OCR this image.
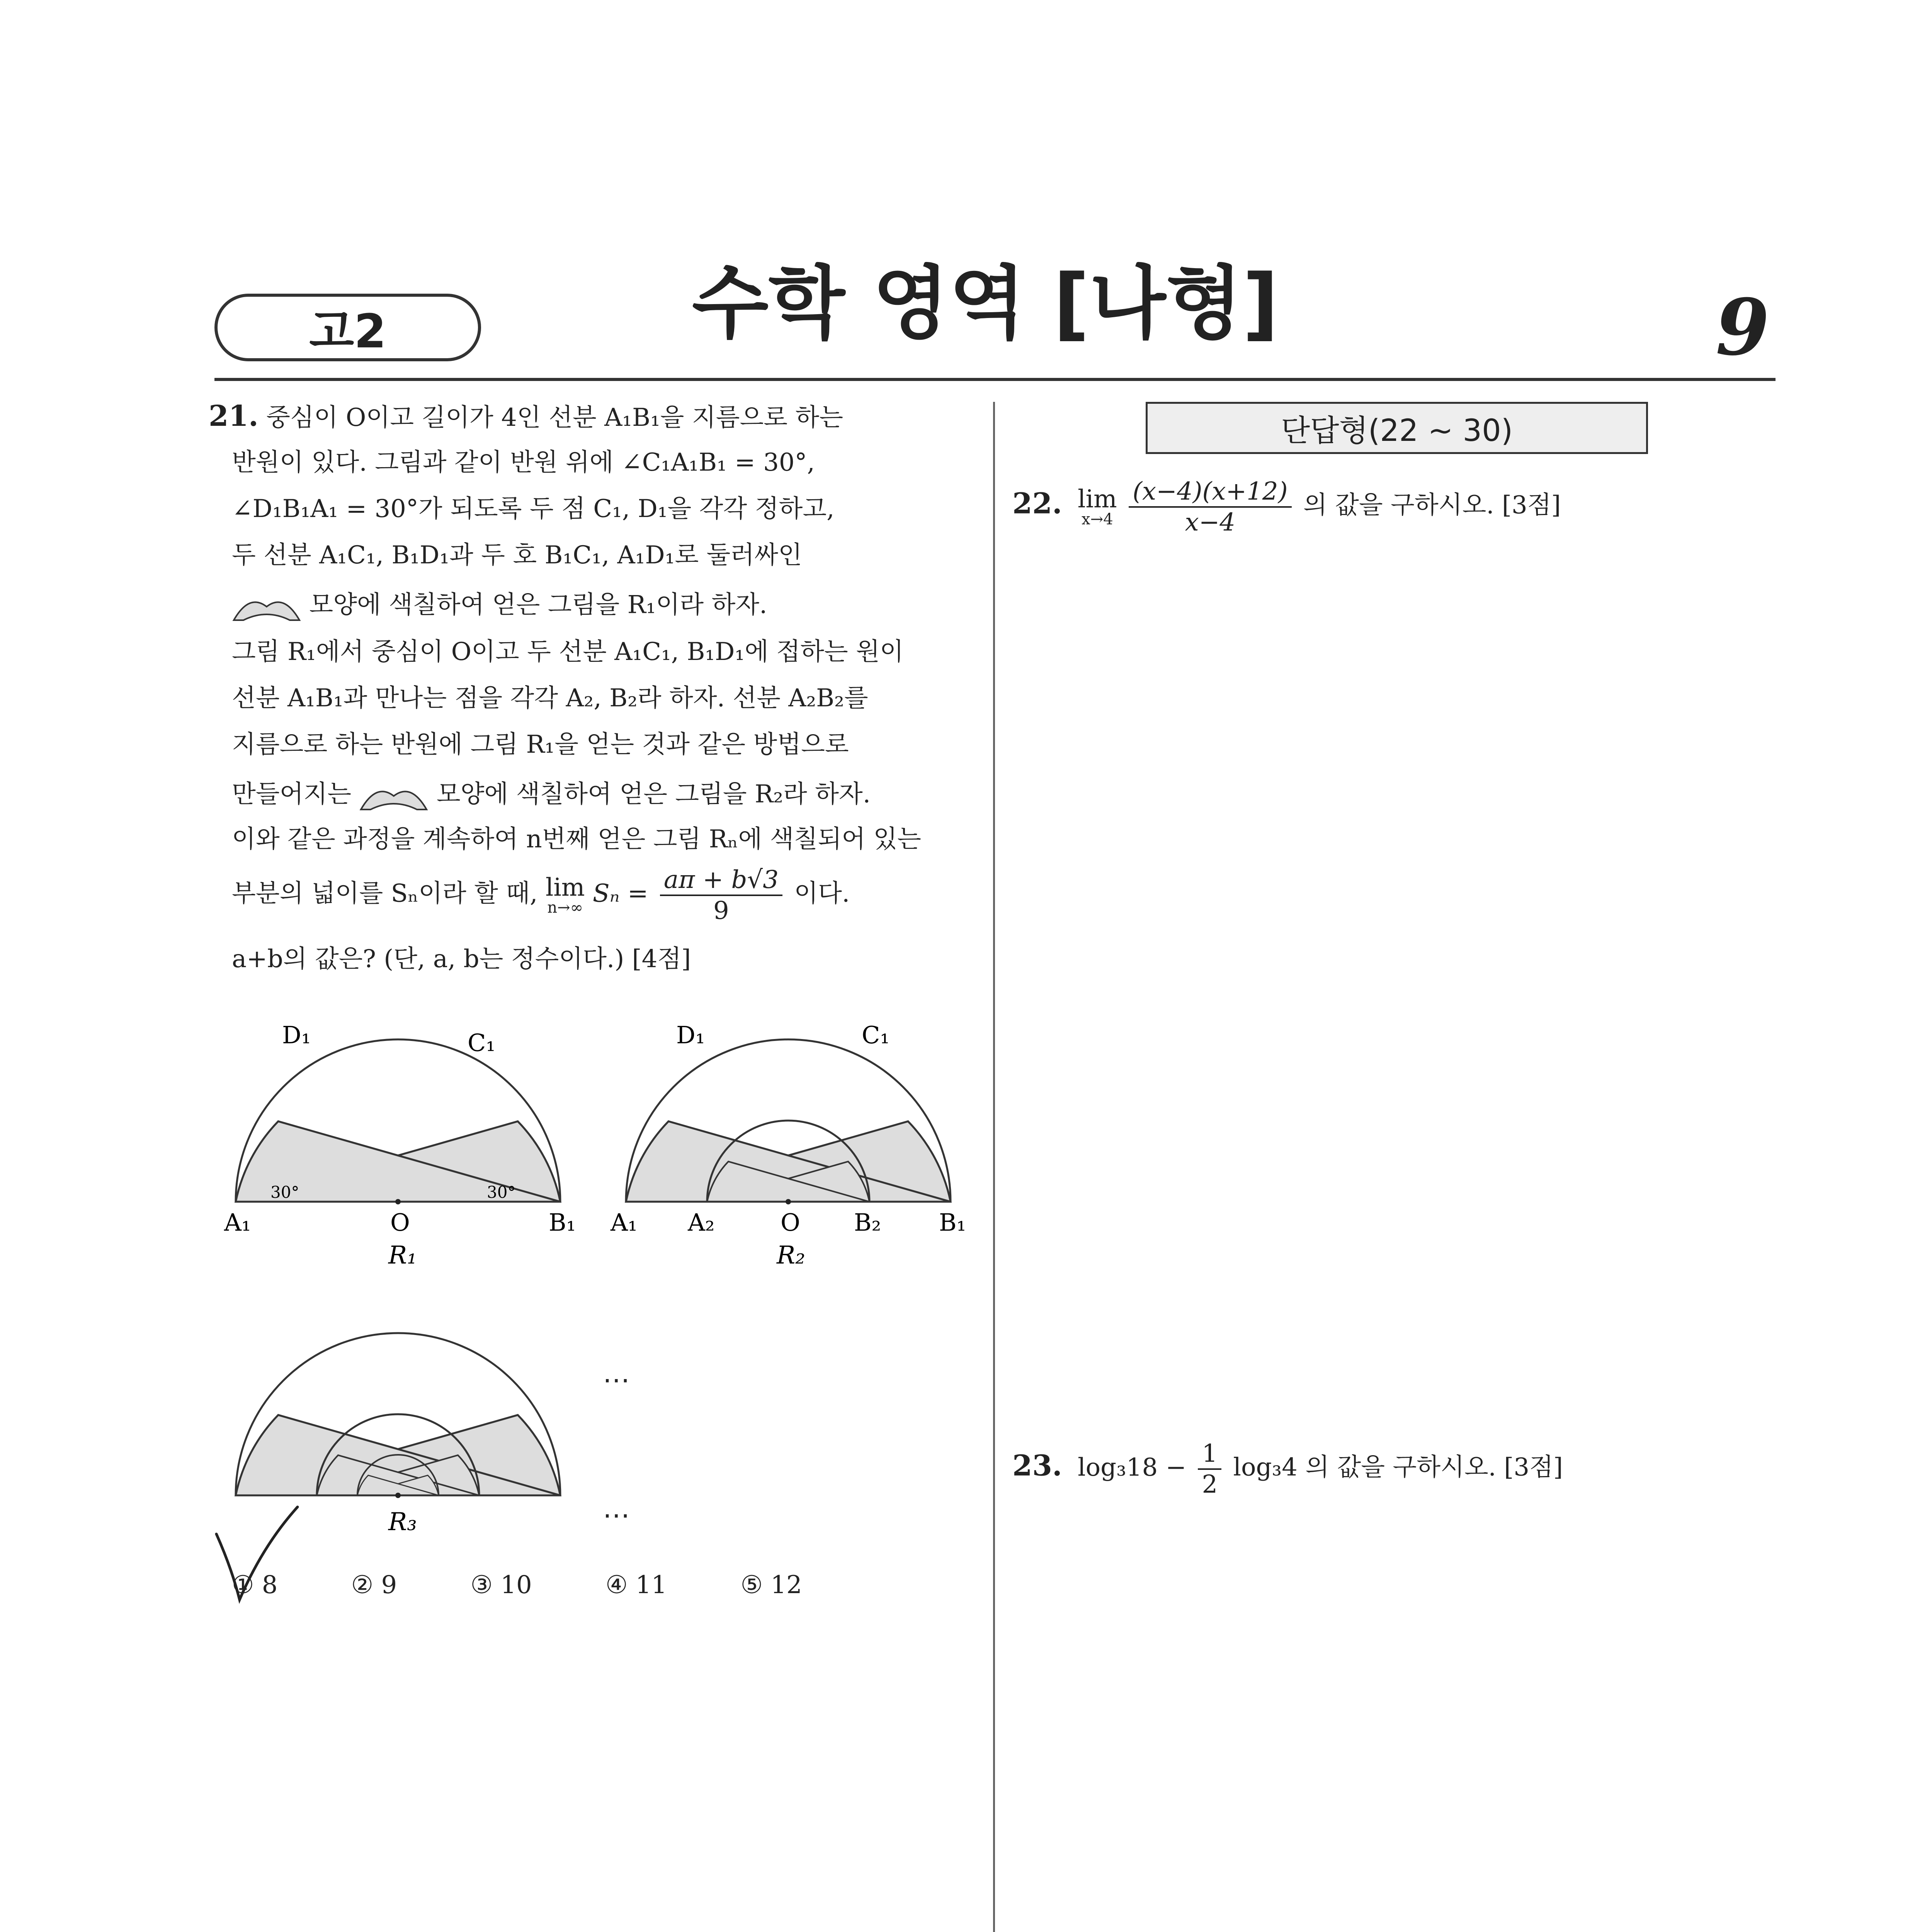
고2	수학 영역 [나형]	9
21. 중심이 O이고 길이가 4인 선분 A₁B₁을 지름으로 하는
반원이 있다. 그림과 같이 반원 위에 ∠C₁A₁B₁ = 30°,
∠D₁B₁A₁ = 30°가 되도록 두 점 C₁, D₁을 각각 정하고,
두 선분 A₁C₁, B₁D₁과 두 호 B₁C₁, A₁D₁로 둘러싸인
모양에 색칠하여 얻은 그림을 R₁이라 하자.
그림 R₁에서 중심이 O이고 두 선분 A₁C₁, B₁D₁에 접하는 원이
선분 A₁B₁과 만나는 점을 각각 A₂, B₂라 하자. 선분 A₂B₂를
지름으로 하는 반원에 그림 R₁을 얻는 것과 같은 방법으로
만들어지는	모양에 색칠하여 얻은 그림을 R₂라 하자.
이와 같은 과정을 계속하여 n번째 얻은 그림 Rₙ에 색칠되어 있는
부분의 넓이를 Sₙ이라 할 때, lim
n→∞ $S_n = \frac{a\pi + b√3}{9}$ 이다.
a+b의 값은? (단, a, b는 정수이다.) [4점]
D₁	C₁
30°	30°
A₁	O	B₁
R₁
D₁	C₁
A₁ A₂	O B₂ B₁
R₂
R₃
⋯
⋯
① 8	② 9	③ 10	④ 11	⑤ 12
단답형(22 ~ 30)
22. lim
x→4
$\frac{(x-4)(x+12)}{x-4}$ 의 값을 구하시오. [3점]
23. $\log_318 - \frac{1}{2} \log_34$ 의 값을 구하시오. [3점]
